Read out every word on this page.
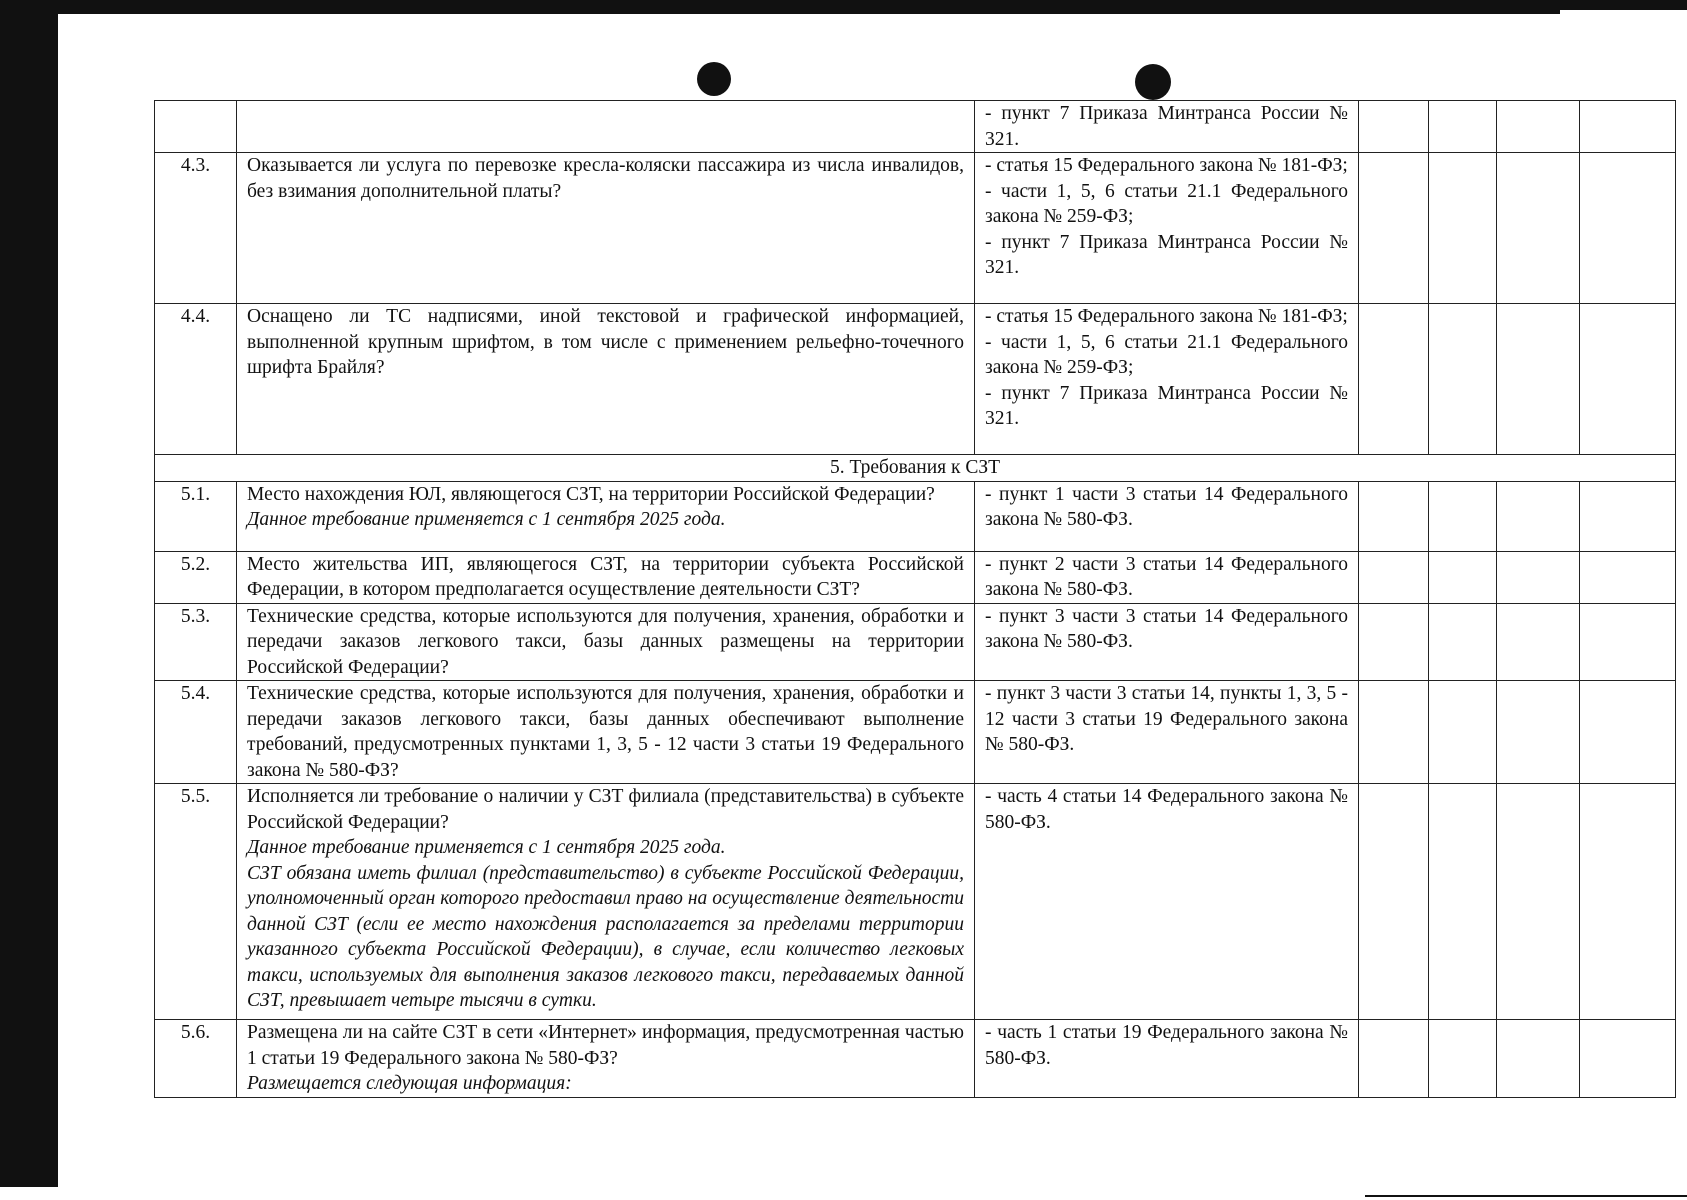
		- пункт 7 Приказа Минтранса России № 321.				

4.3.	Оказывается ли услуга по перевозке кресла-коляски пассажира из числа инвалидов, без взимания дополнительной платы?	- статья 15 Федерального закона № 181-ФЗ;
- части 1, 5, 6 статьи 21.1 Федерального закона № 259-ФЗ;
- пункт 7 Приказа Минтранса России № 321.				

4.4.	Оснащено ли ТС надписями, иной текстовой и графической информацией, выполненной крупным шрифтом, в том числе с применением рельефно-точечного шрифта Брайля?	- статья 15 Федерального закона № 181-ФЗ;
- части 1, 5, 6 статьи 21.1 Федерального закона № 259-ФЗ;
- пункт 7 Приказа Минтранса России № 321.				

5. Требования к СЗТ						
5.1.	Место нахождения ЮЛ, являющегося СЗТ, на территории Российской Федерации?
Данное требование применяется с 1 сентября 2025 года.	- пункт 1 части 3 статьи 14 Федерального закона № 580-ФЗ.				

5.2.	Место жительства ИП, являющегося СЗТ, на территории субъекта Российской Федерации, в котором предполагается осуществление деятельности СЗТ?	- пункт 2 части 3 статьи 14 Федерального закона № 580-ФЗ.				

5.3.	Технические средства, которые используются для получения, хранения, обработки и передачи заказов легкового такси, базы данных размещены на территории Российской Федерации?	- пункт 3 части 3 статьи 14 Федерального закона № 580-ФЗ.				

5.4.	Технические средства, которые используются для получения, хранения, обработки и передачи заказов легкового такси, базы данных обеспечивают выполнение требований, предусмотренных пунктами 1, 3, 5 - 12 части 3 статьи 19 Федерального закона № 580-ФЗ?	- пункт 3 части 3 статьи 14, пункты 1, 3, 5 - 12 части 3 статьи 19 Федерального закона № 580-ФЗ.				

5.5.	Исполняется ли требование о наличии у СЗТ филиала (представительства) в субъекте Российской Федерации?
Данное требование применяется с 1 сентября 2025 года.
СЗТ обязана иметь филиал (представительство) в субъекте Российской Федерации, уполномоченный орган которого предоставил право на осуществление деятельности данной СЗТ (если ее место нахождения располагается за пределами территории указанного субъекта Российской Федерации), в случае, если количество легковых такси, используемых для выполнения заказов легкового такси, передаваемых данной СЗТ, превышает четыре тысячи в сутки.	- часть 4 статьи 14 Федерального закона № 580-ФЗ.				

5.6.	Размещена ли на сайте СЗТ в сети «Интернет» информация, предусмотренная частью 1 статьи 19 Федерального закона № 580-ФЗ?
Размещается следующая информация:	- часть 1 статьи 19 Федерального закона № 580-ФЗ.				
